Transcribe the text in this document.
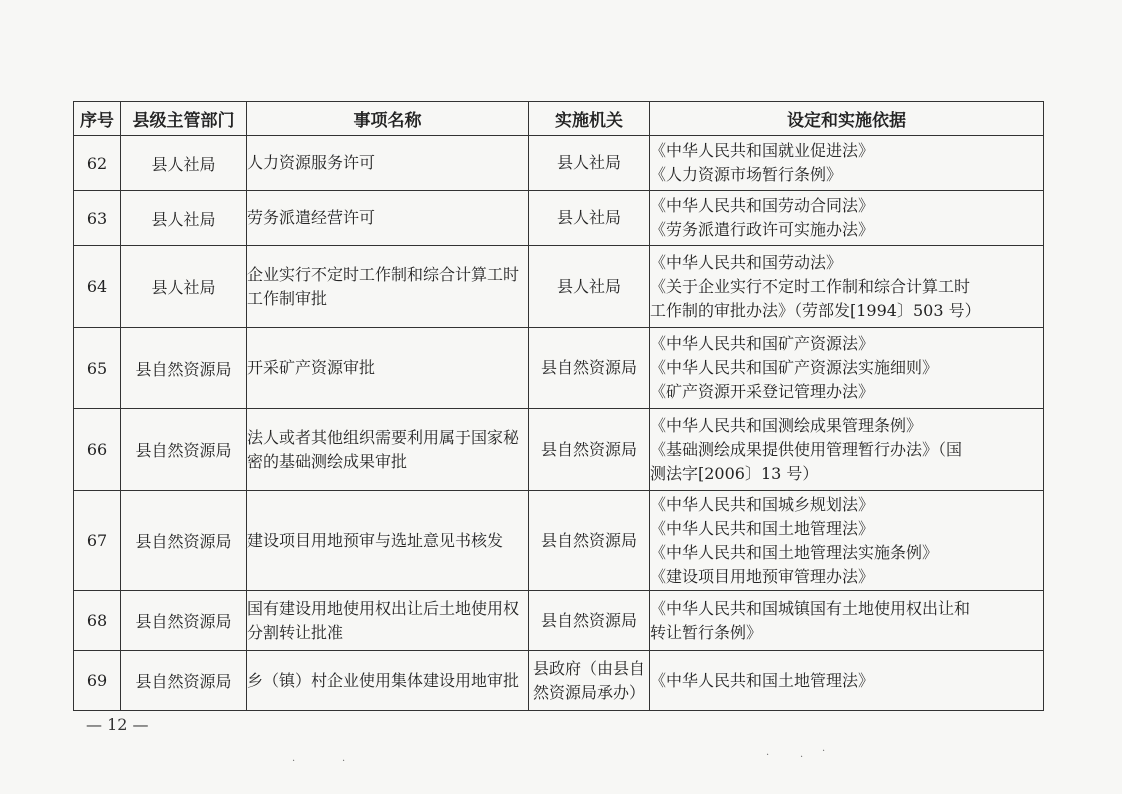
序号	县级主管部门	事项名称	实施机关	设定和实施依据
62	县人社局	人力资源服务许可	县人社局	《中华人民共和国就业促进法》
《人力资源市场暂行条例》

63	县人社局	劳务派遣经营许可	县人社局	《中华人民共和国劳动合同法》
《劳务派遣行政许可实施办法》

64	县人社局	企业实行不定时工作制和综合计算工时工作制审批	县人社局	《中华人民共和国劳动法》
《关于企业实行不定时工作制和综合计算工时
工作制的审批办法》（劳部发[1994〕503 号）

65	县自然资源局	开采矿产资源审批	县自然资源局	《中华人民共和国矿产资源法》
《中华人民共和国矿产资源法实施细则》
《矿产资源开采登记管理办法》

66	县自然资源局	法人或者其他组织需要利用属于国家秘密的基础测绘成果审批	县自然资源局	《中华人民共和国测绘成果管理条例》
《基础测绘成果提供使用管理暂行办法》（国
测法字[2006〕13 号）

67	县自然资源局	建设项目用地预审与选址意见书核发	县自然资源局	《中华人民共和国城乡规划法》
《中华人民共和国土地管理法》
《中华人民共和国土地管理法实施条例》
《建设项目用地预审管理办法》

68	县自然资源局	国有建设用地使用权出让后土地使用权分割转让批准	县自然资源局	《中华人民共和国城镇国有土地使用权出让和
转让暂行条例》

69	县自然资源局	乡（镇）村企业使用集体建设用地审批	县政府（由县自然资源局承办）	《中华人民共和国土地管理法》
— 12 —
·	·
·	·
·
